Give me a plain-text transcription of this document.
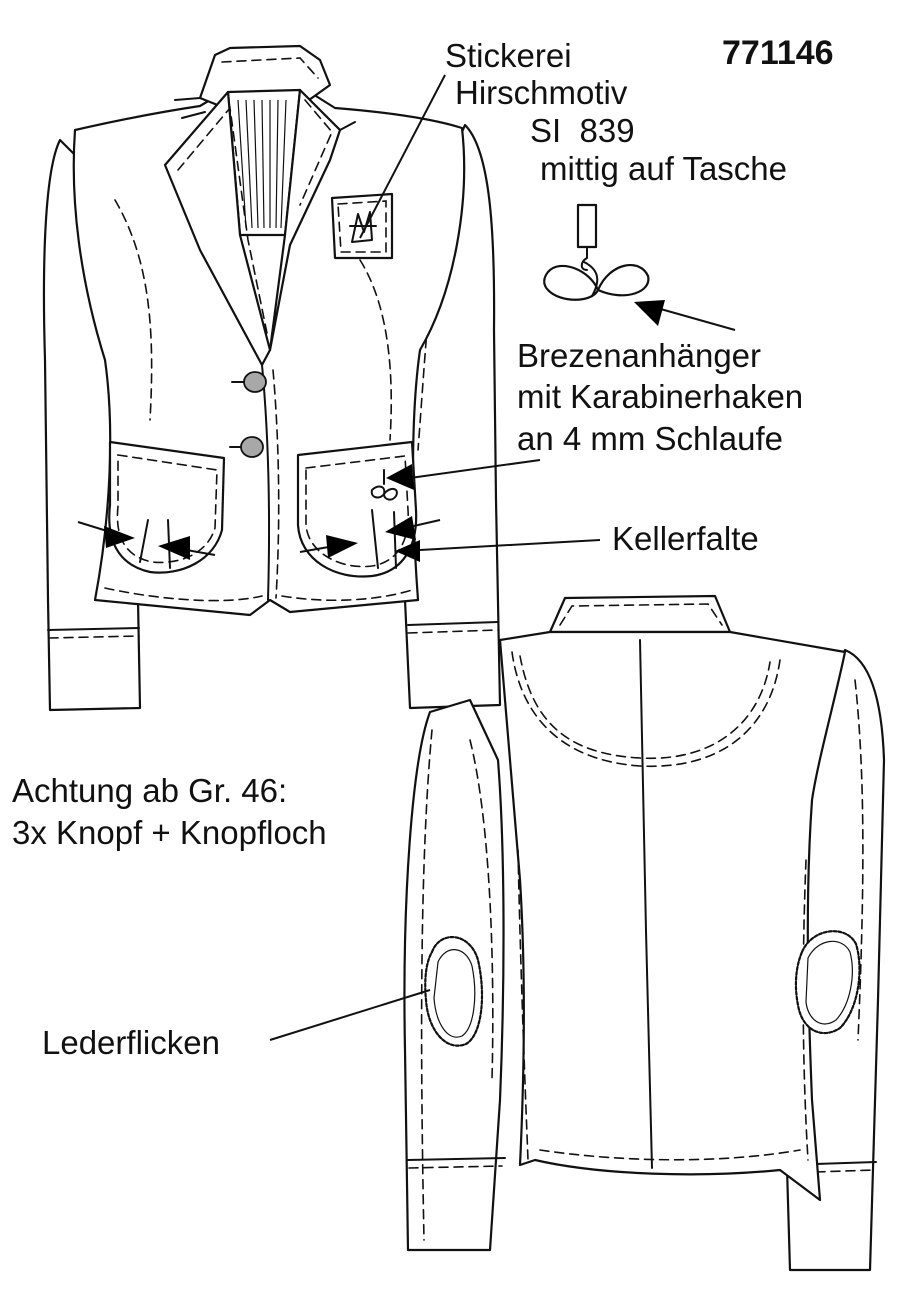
771146
Stickerei
Hirschmotiv
SI  839
mittig auf Tasche
Brezenanhänger
mit Karabinerhaken
an 4 mm Schlaufe
Kellerfalte
Achtung ab Gr. 46:
3x Knopf + Knopfloch
Lederflicken
